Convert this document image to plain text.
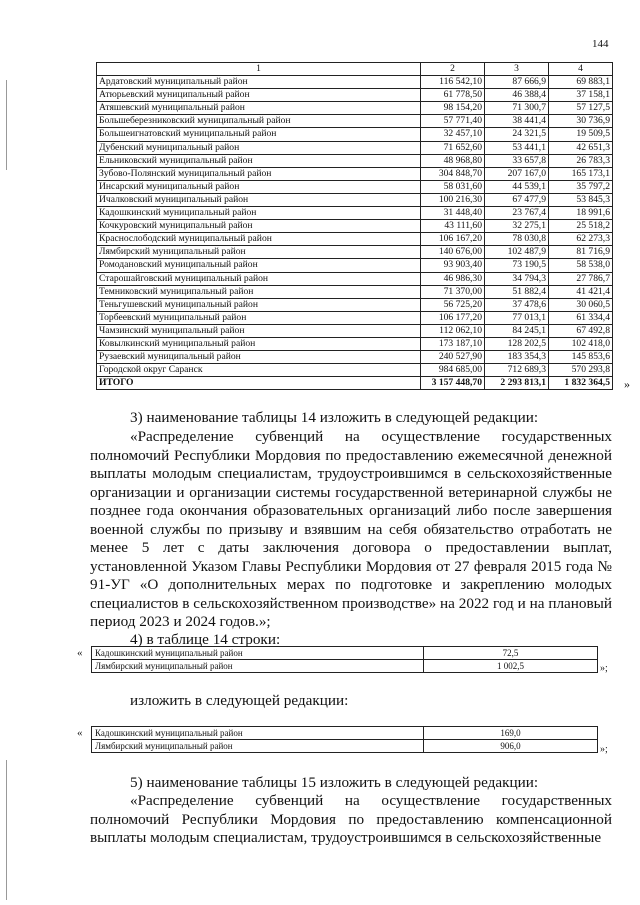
144
1	2	3	4
Ардатовский муниципальный район	116 542,10	87 666,9	69 883,1
Атюрьевский муниципальный район	61 778,50	46 388,4	37 158,1
Атяшевский муниципальный район	98 154,20	71 300,7	57 127,5
Большеберезниковский муниципальный район	57 771,40	38 441,4	30 736,9
Большеигнатовский муниципальный район	32 457,10	24 321,5	19 509,5
Дубенский муниципальный район	71 652,60	53 441,1	42 651,3
Ельниковский муниципальный район	48 968,80	33 657,8	26 783,3
Зубово-Полянский муниципальный район	304 848,70	207 167,0	165 173,1
Инсарский муниципальный район	58 031,60	44 539,1	35 797,2
Ичалковский муниципальный район	100 216,30	67 477,9	53 845,3
Кадошкинский муниципальный район	31 448,40	23 767,4	18 991,6
Кочкуровский муниципальный район	43 111,60	32 275,1	25 518,2
Краснослободский муниципальный район	106 167,20	78 030,8	62 273,3
Лямбирский муниципальный район	140 676,00	102 487,9	81 716,9
Ромодановский муниципальный район	93 903,40	73 190,5	58 538,0
Старошайговский муниципальный район	46 986,30	34 794,3	27 786,7
Темниковский муниципальный район	71 370,00	51 882,4	41 421,4
Теньгушевский муниципальный район	56 725,20	37 478,6	30 060,5
Торбеевский муниципальный район	106 177,20	77 013,1	61 334,4
Чамзинский муниципальный район	112 062,10	84 245,1	67 492,8
Ковылкинский муниципальный район	173 187,10	128 202,5	102 418,0
Рузаевский муниципальный район	240 527,90	183 354,3	145 853,6
Городской округ Саранск	984 685,00	712 689,3	570 293,8
ИТОГО	3 157 448,70	2 293 813,1	1 832 364,5 »
3) наименование таблицы 14 изложить в следующей редакции:
«Распределение субвенций на осуществление государственных полномочий Республики Мордовия по предоставлению ежемесячной денежной выплаты молодым специалистам, трудоустроившимся в сельскохозяйственные организации и организации системы государственной ветеринарной службы не позднее года окончания образовательных организаций либо после завершения военной службы по призыву и взявшим на себя обязательство отработать не менее 5 лет с даты заключения договора о предоставлении выплат, установленной Указом Главы Республики Мордовия от 27 февраля 2015 года № 91-УГ «О дополнительных мерах по подготовке и закреплению молодых специалистов в сельскохозяйственном производстве» на 2022 год и на плановый период 2023 и 2024 годов.»;
4) в таблице 14 строки:
« Кадошкинский муниципальный район	72,5
Лямбирский муниципальный район	1 002,5	»;
изложить в следующей редакции:
« Кадошкинский муниципальный район	169,0
Лямбирский муниципальный район	906,0	»;
5) наименование таблицы 15 изложить в следующей редакции:
«Распределение субвенций на осуществление государственных полномочий Республики Мордовия по предоставлению компенсационной выплаты молодым специалистам, трудоустроившимся в сельскохозяйственные
